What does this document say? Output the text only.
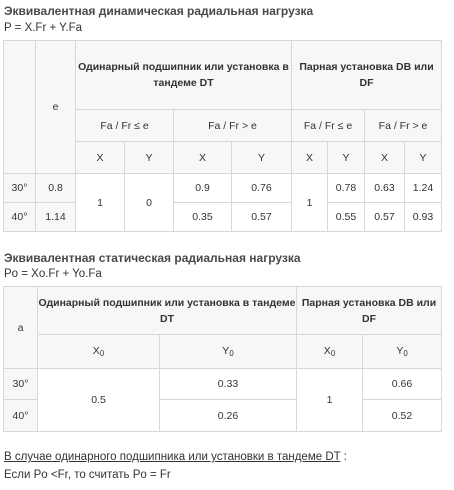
Эквивалентная динамическая радиальная нагрузка
P = X.Fr + Y.Fa
	e	Одинарный подшипник или установка в тандеме DT				Парная установка DB или DF			
		Fa / Fr ≤ e		Fa / Fr > e		Fa / Fr ≤ e		Fa / Fr > e	
		X	Y	X	Y	X	Y	X	Y
30°	0.8	1	0	0.9	0.76	1	0.78	0.63	1.24
40°	1.14			0.35	0.57		0.55	0.57	0.93
Эквивалентная статическая радиальная нагрузка
Po = Xo.Fr + Yo.Fa
a	Одинарный подшипник или установка в тандеме DT		Парная установка DB или DF	
	$X_0$	$Y_0$	$X_0$	$Y_0$
30°	0.5	0.33	1	0.66
40°		0.26		0.52
В случае одинарного подшипника или установки в тандеме DT :
Если Po <Fr, то считать Po = Fr
